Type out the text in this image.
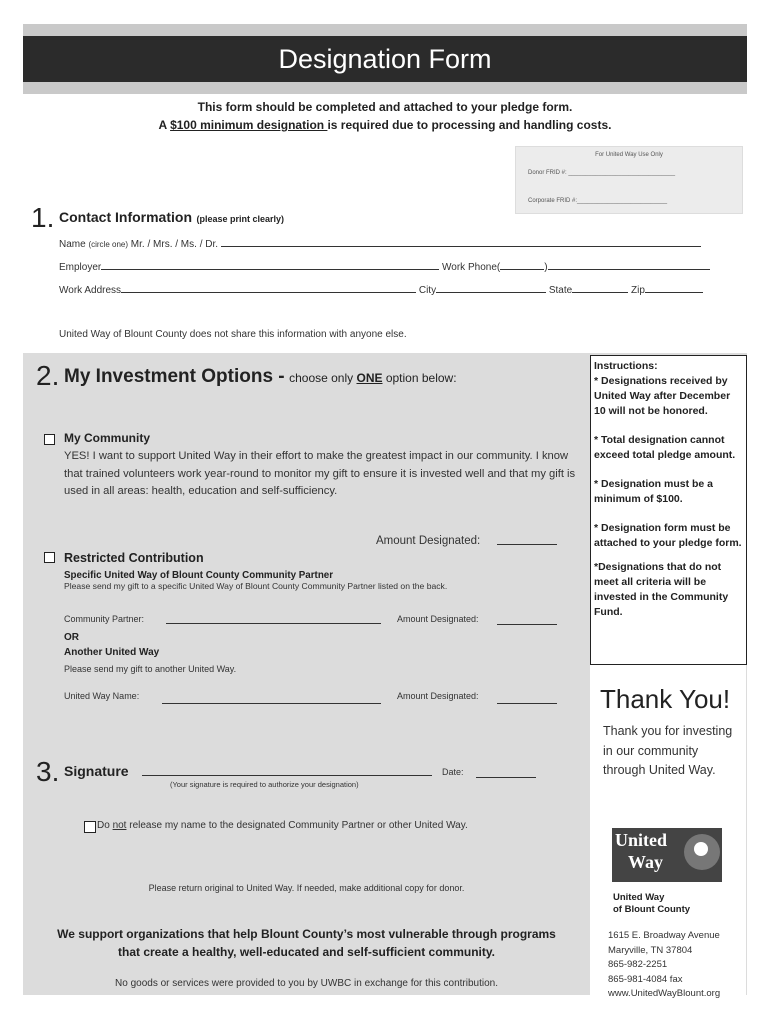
Designation Form
This form should be completed and attached to your pledge form.
A $100 minimum designation is required due to processing and handling costs.
For United Way Use Only
Donor FRID #: ________________________________
Corporate FRID #:___________________________
1. Contact Information (please print clearly)
Name (circle one) Mr. / Mrs. / Ms. / Dr.
Employer	Work Phone(	)
Work Address	City	State	Zip
United Way of Blount County does not share this information with anyone else.
2. My Investment Options - choose only ONE option below:
My Community
YES! I want to support United Way in their effort to make the greatest impact in our community. I know that trained volunteers work year-round to monitor my gift to ensure it is invested well and that my gift is used in all areas: health, education and self-sufficiency.
Amount Designated:
Restricted Contribution
Specific United Way of Blount County Community Partner
Please send my gift to a specific United Way of Blount County Community Partner listed on the back.
Community Partner:	Amount Designated:
OR
Another United Way
Please send my gift to another United Way.
United Way Name:	Amount Designated:
Instructions:

* Designations received by United Way after December 10 will not be honored.

* Total designation cannot exceed total pledge amount.

* Designation must be a minimum of $100.

* Designation form must be attached to your pledge form.

*Designations that do not meet all criteria will be invested in the Community Fund.

3. Signature
(Your signature is required to authorize your designation)
Date:
Do not release my name to the designated Community Partner or other United Way.
Please return original to United Way. If needed, make additional copy for donor.
We support organizations that help Blount County’s most vulnerable through programs
that create a healthy, well-educated and self-sufficient community.
No goods or services were provided to you by UWBC in exchange for this contribution.
Thank You!
Thank you for investing in our community through United Way.
United
Way
United Way
of Blount County
1615 E. Broadway Avenue
Maryville, TN 37804
865-982-2251
865-981-4084 fax
www.UnitedWayBlount.org
